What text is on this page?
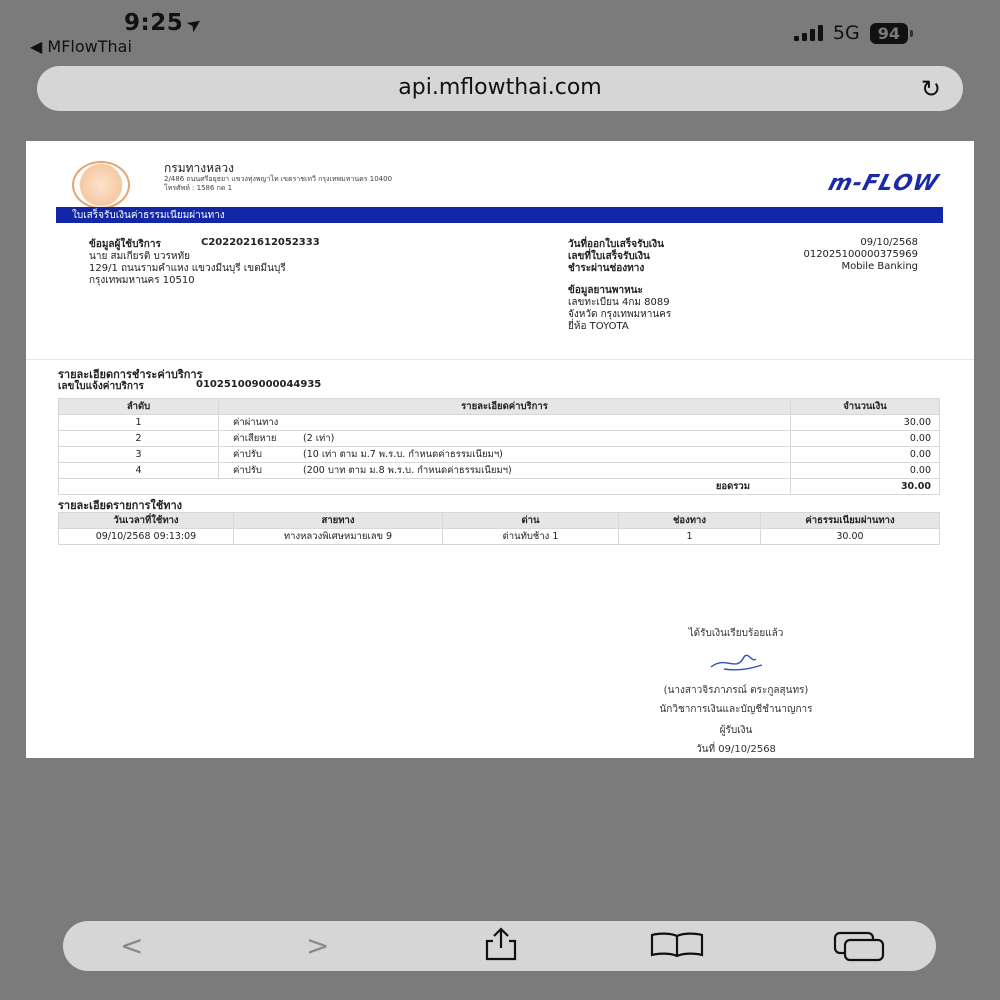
9:25➤
◀ MFlowThai
5G	94
api.mflowthai.com	↻
กรมทางหลวง
2/486 ถนนศรีอยุธยา แขวงทุ่งพญาไท เขตราชเทวี กรุงเทพมหานคร 10400
โทรศัพท์ : 1586 กด 1	m-FLOW
ใบเสร็จรับเงินค่าธรรมเนียมผ่านทาง
ข้อมูลผู้ใช้บริการ	C2022021612052333
นาย สมเกียรติ บวรหทัย
129/1 ถนนรามคำแหง แขวงมีนบุรี เขตมีนบุรี
กรุงเทพมหานคร 10510
วันที่ออกใบเสร็จรับเงิน	09/10/2568
เลขที่ใบเสร็จรับเงิน	0120251000003759​69
ชำระผ่านช่องทาง	Mobile Banking
ข้อมูลยานพาหนะ
เลขทะเบียน 4กม 8089
จังหวัด กรุงเทพมหานคร
ยี่ห้อ TOYOTA
รายละเอียดการชำระค่าบริการ
เลขใบแจ้งค่าบริการ	01025100900004493​5
ลำดับ	รายละเอียดค่าบริการ	จำนวนเงิน
1	ค่าผ่านทาง	30.00
2	ค่าเสียหาย (2 เท่า)	0.00
3	ค่าปรับ (10 เท่า ตาม ม.7 พ.ร.บ. กำหนดค่าธรรมเนียมฯ)	0.00
4	ค่าปรับ (200 บาท ตาม ม.8 พ.ร.บ. กำหนดค่าธรรมเนียมฯ)	0.00
ยอดรวม		30.00
รายละเอียดรายการใช้ทาง
วันเวลาที่ใช้ทาง	สายทาง	ด่าน	ช่องทาง	ค่าธรรมเนียมผ่านทาง
09/10/2568 09:13:09	ทางหลวงพิเศษหมายเลข 9	ด่านทับช้าง 1	1	30.00
ได้รับเงินเรียบร้อยแล้ว
(นางสาวจิรภาภรณ์ ตระกูลสุนทร)
นักวิชาการเงินและบัญชีชำนาญการ
ผู้รับเงิน
วันที่ 09/10/2568
<	>
